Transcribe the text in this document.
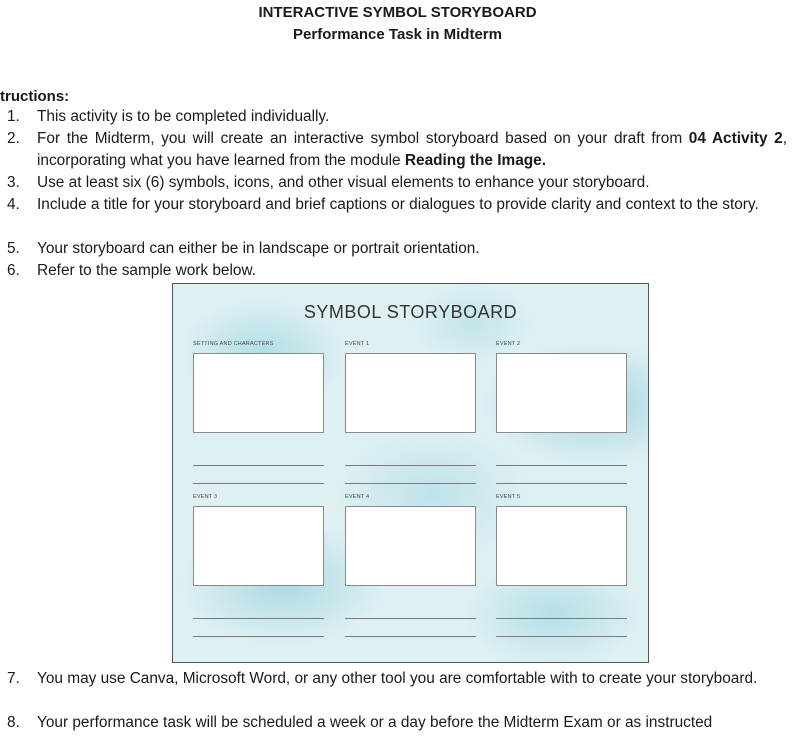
INTERACTIVE SYMBOL STORYBOARD
Performance Task in Midterm
tructions:
1.	This activity is to be completed individually.
2.	For the Midterm, you will create an interactive symbol storyboard based on your draft from 04 Activity 2, incorporating what you have learned from the module Reading the Image.
3.	Use at least six (6) symbols, icons, and other visual elements to enhance your storyboard.
4.	Include a title for your storyboard and brief captions or dialogues to provide clarity and context to the story.
5.	Your storyboard can either be in landscape or portrait orientation.
6.	Refer to the sample work below.
SYMBOL STORYBOARD
SETTING AND CHARACTERS	EVENT 1	EVENT 2
EVENT 3	EVENT 4	EVENT 5
7.	You may use Canva, Microsoft Word, or any other tool you are comfortable with to create your storyboard.
8.	Your performance task will be scheduled a week or a day before the Midterm Exam or as instructed
